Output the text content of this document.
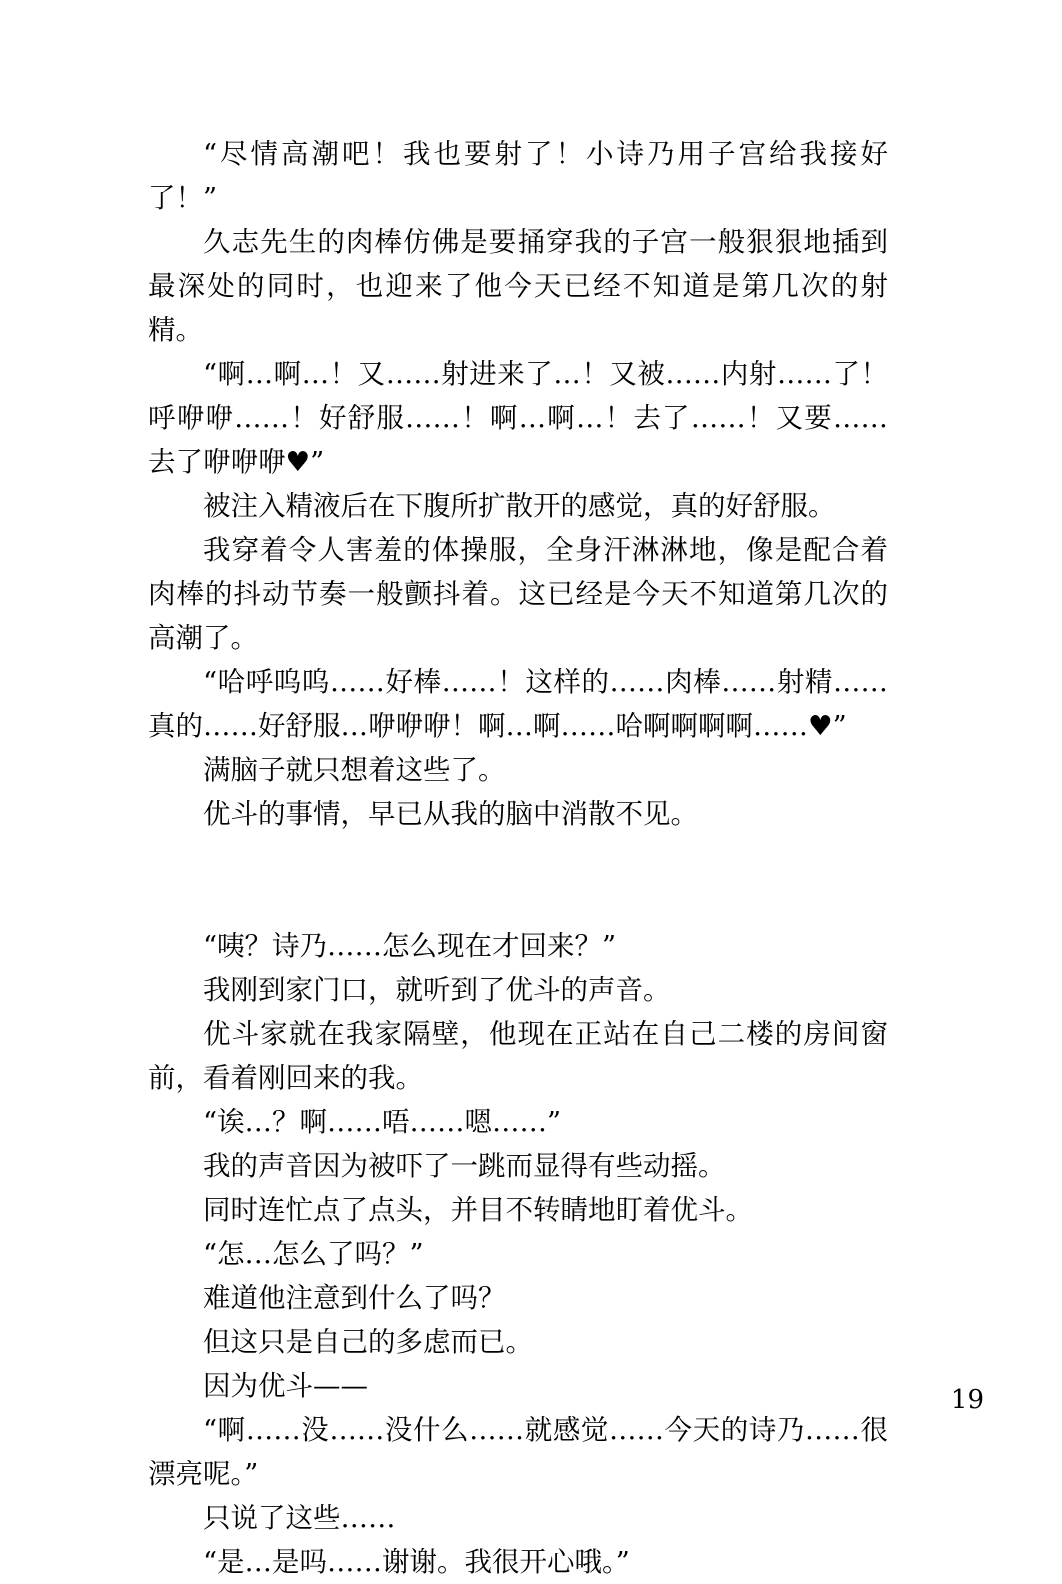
“尽情高潮吧！我也要射了！小诗乃用子宫给我接好了！”

久志先生的肉棒仿佛是要捅穿我的子宫一般狠狠地插到最深处的同时，也迎来了他今天已经不知道是第几次的射精。

“啊…啊…！又……射进来了…！又被……内射……了！呼咿咿……！好舒服……！啊…啊…！去了……！又要……去了咿咿咿♥”

被注入精液后在下腹所扩散开的感觉，真的好舒服。

我穿着令人害羞的体操服，全身汗淋淋地，像是配合着肉棒的抖动节奏一般颤抖着。这已经是今天不知道第几次的高潮了。

“哈呼呜呜……好棒……！这样的……肉棒……射精……真的……好舒服…咿咿咿！啊…啊……哈啊啊啊啊……♥”

满脑子就只想着这些了。

优斗的事情，早已从我的脑中消散不见。

“咦？诗乃……怎么现在才回来？”

我刚到家门口，就听到了优斗的声音。

优斗家就在我家隔壁，他现在正站在自己二楼的房间窗前，看着刚回来的我。

“诶…？啊……唔……嗯……”

我的声音因为被吓了一跳而显得有些动摇。

同时连忙点了点头，并目不转睛地盯着优斗。

“怎…怎么了吗？”

难道他注意到什么了吗？

但这只是自己的多虑而已。

因为优斗——

“啊……没……没什么……就感觉……今天的诗乃……很漂亮呢。”

只说了这些……

“是…是吗……谢谢。我很开心哦。”

19
